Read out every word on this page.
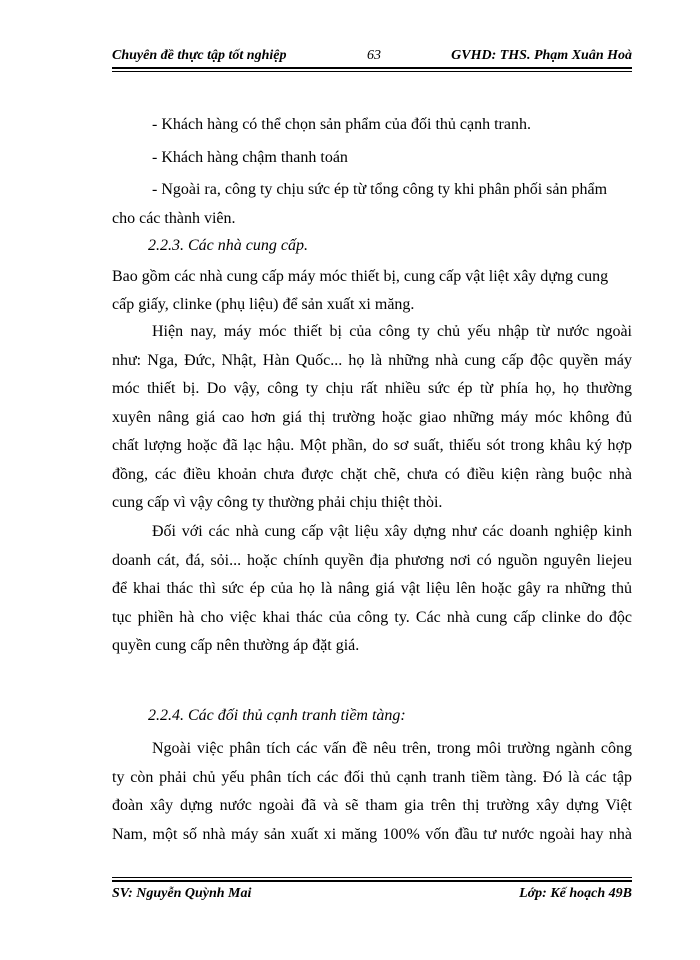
Chuyên đề thực tập tốt nghiệp	63	GVHD: THS. Phạm Xuân Hoà
- Khách hàng có thể chọn sản phẩm của đối thủ cạnh tranh.
- Khách hàng chậm thanh toán
- Ngoài ra, công ty chịu sức ép từ tổng công ty khi phân phối sản phẩm
cho các thành viên.
2.2.3. Các nhà cung cấp.
Bao gồm các nhà cung cấp máy móc thiết bị, cung cấp vật liệt xây dựng cung
cấp giấy, clinke (phụ liệu) để sản xuất xi măng.
Hiện nay, máy móc thiết bị của công ty chủ yếu nhập từ nước ngoài
như: Nga, Đức, Nhật, Hàn Quốc... họ là những nhà cung cấp độc quyền máy
móc thiết bị. Do vậy, công ty chịu rất nhiều sức ép từ phía họ, họ thường
xuyên nâng giá cao hơn giá thị trường hoặc giao những máy móc không đủ
chất lượng hoặc đã lạc hậu. Một phần, do sơ suất, thiếu sót trong khâu ký hợp
đồng, các điều khoản chưa được chặt chẽ, chưa có điều kiện ràng buộc nhà
cung cấp vì vậy công ty thường phải chịu thiệt thòi.
Đối với các nhà cung cấp vật liệu xây dựng như các doanh nghiệp kinh
doanh cát, đá, sỏi... hoặc chính quyền địa phương nơi có nguồn nguyên liejeu
để khai thác thì sức ép của họ là nâng giá vật liệu lên hoặc gây ra những thủ
tục phiền hà cho việc khai thác của công ty. Các nhà cung cấp clinke do độc
quyền cung cấp nên thường áp đặt giá.
2.2.4. Các đối thủ cạnh tranh tiềm tàng:
Ngoài việc phân tích các vấn đề nêu trên, trong môi trường ngành công
ty còn phải chủ yếu phân tích các đối thủ cạnh tranh tiềm tàng. Đó là các tập
đoàn xây dựng nước ngoài đã và sẽ tham gia trên thị trường xây dựng Việt
Nam, một số nhà máy sản xuất xi măng 100% vốn đầu tư nước ngoài hay nhà
SV: Nguyễn Quỳnh Mai	Lớp: Kế hoạch 49B
